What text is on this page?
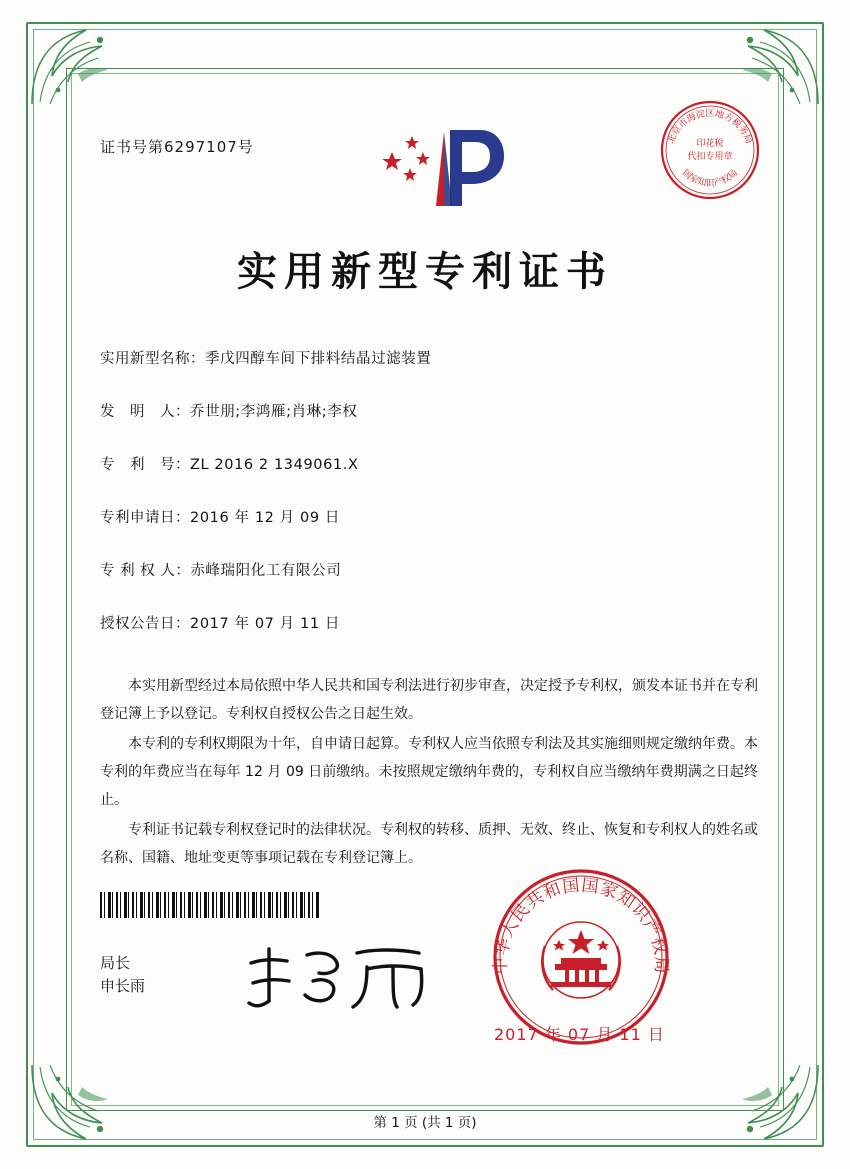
证书号第6297107号	北京市海淀区地方税务局
国家知识产权局
印花税
代扣专用章
实用新型专利证书
实用新型名称： 季戊四醇车间下排料结晶过滤装置
发　明　人： 乔世朋;李鸿雁;肖琳;李权
专　利　号： ZL 2016 2 1349061.X
专利申请日： 2016 年 12 月 09 日
专 利 权 人： 赤峰瑞阳化工有限公司
授权公告日： 2017 年 07 月 11 日

本实用新型经过本局依照中华人民共和国专利法进行初步审查，决定授予专利权，颁发本证书并在专利登记簿上予以登记。专利权自授权公告之日起生效。

本专利的专利权期限为十年，自申请日起算。专利权人应当依照专利法及其实施细则规定缴纳年费。本专利的年费应当在每年 12 月 09 日前缴纳。未按照规定缴纳年费的，专利权自应当缴纳年费期满之日起终止。

专利证书记载专利权登记时的法律状况。专利权的转移、质押、无效、终止、恢复和专利权人的姓名或名称、国籍、地址变更等事项记载在专利登记簿上。

局长
申长雨
中华人民共和国国家知识产权局
2017 年 07 月 11 日
第 1 页 (共 1 页)
